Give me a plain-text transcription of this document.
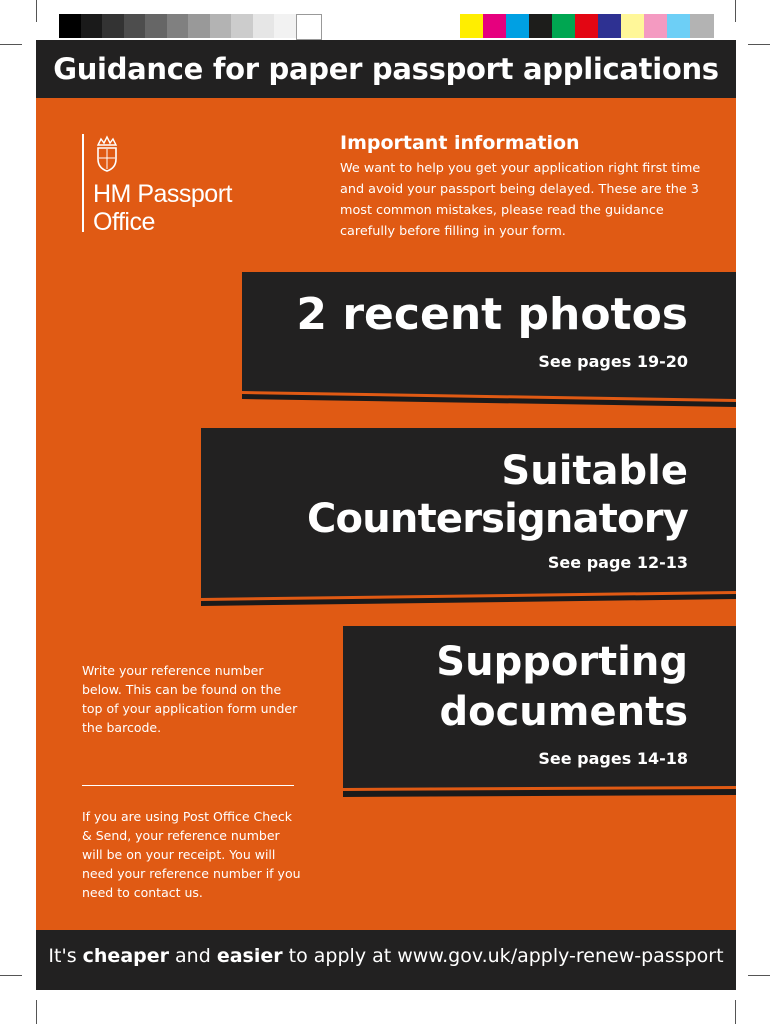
Guidance for paper passport applications
HM Passport
Office
Important information
We want to help you get your application right first time and avoid your passport being delayed. These are the 3 most common mistakes, please read the guidance carefully before filling in your form.
2 recent photos
See pages 19-20
Suitable
Countersignatory
See page 12-13
Supporting
documents
See pages 14-18
Write your reference number below. This can be found on the top of your application form under the barcode.
If you are using Post Office Check & Send, your reference number will be on your receipt. You will need your reference number if you need to contact us.
It's cheaper and easier to apply at www.gov.uk/apply-renew-passport
